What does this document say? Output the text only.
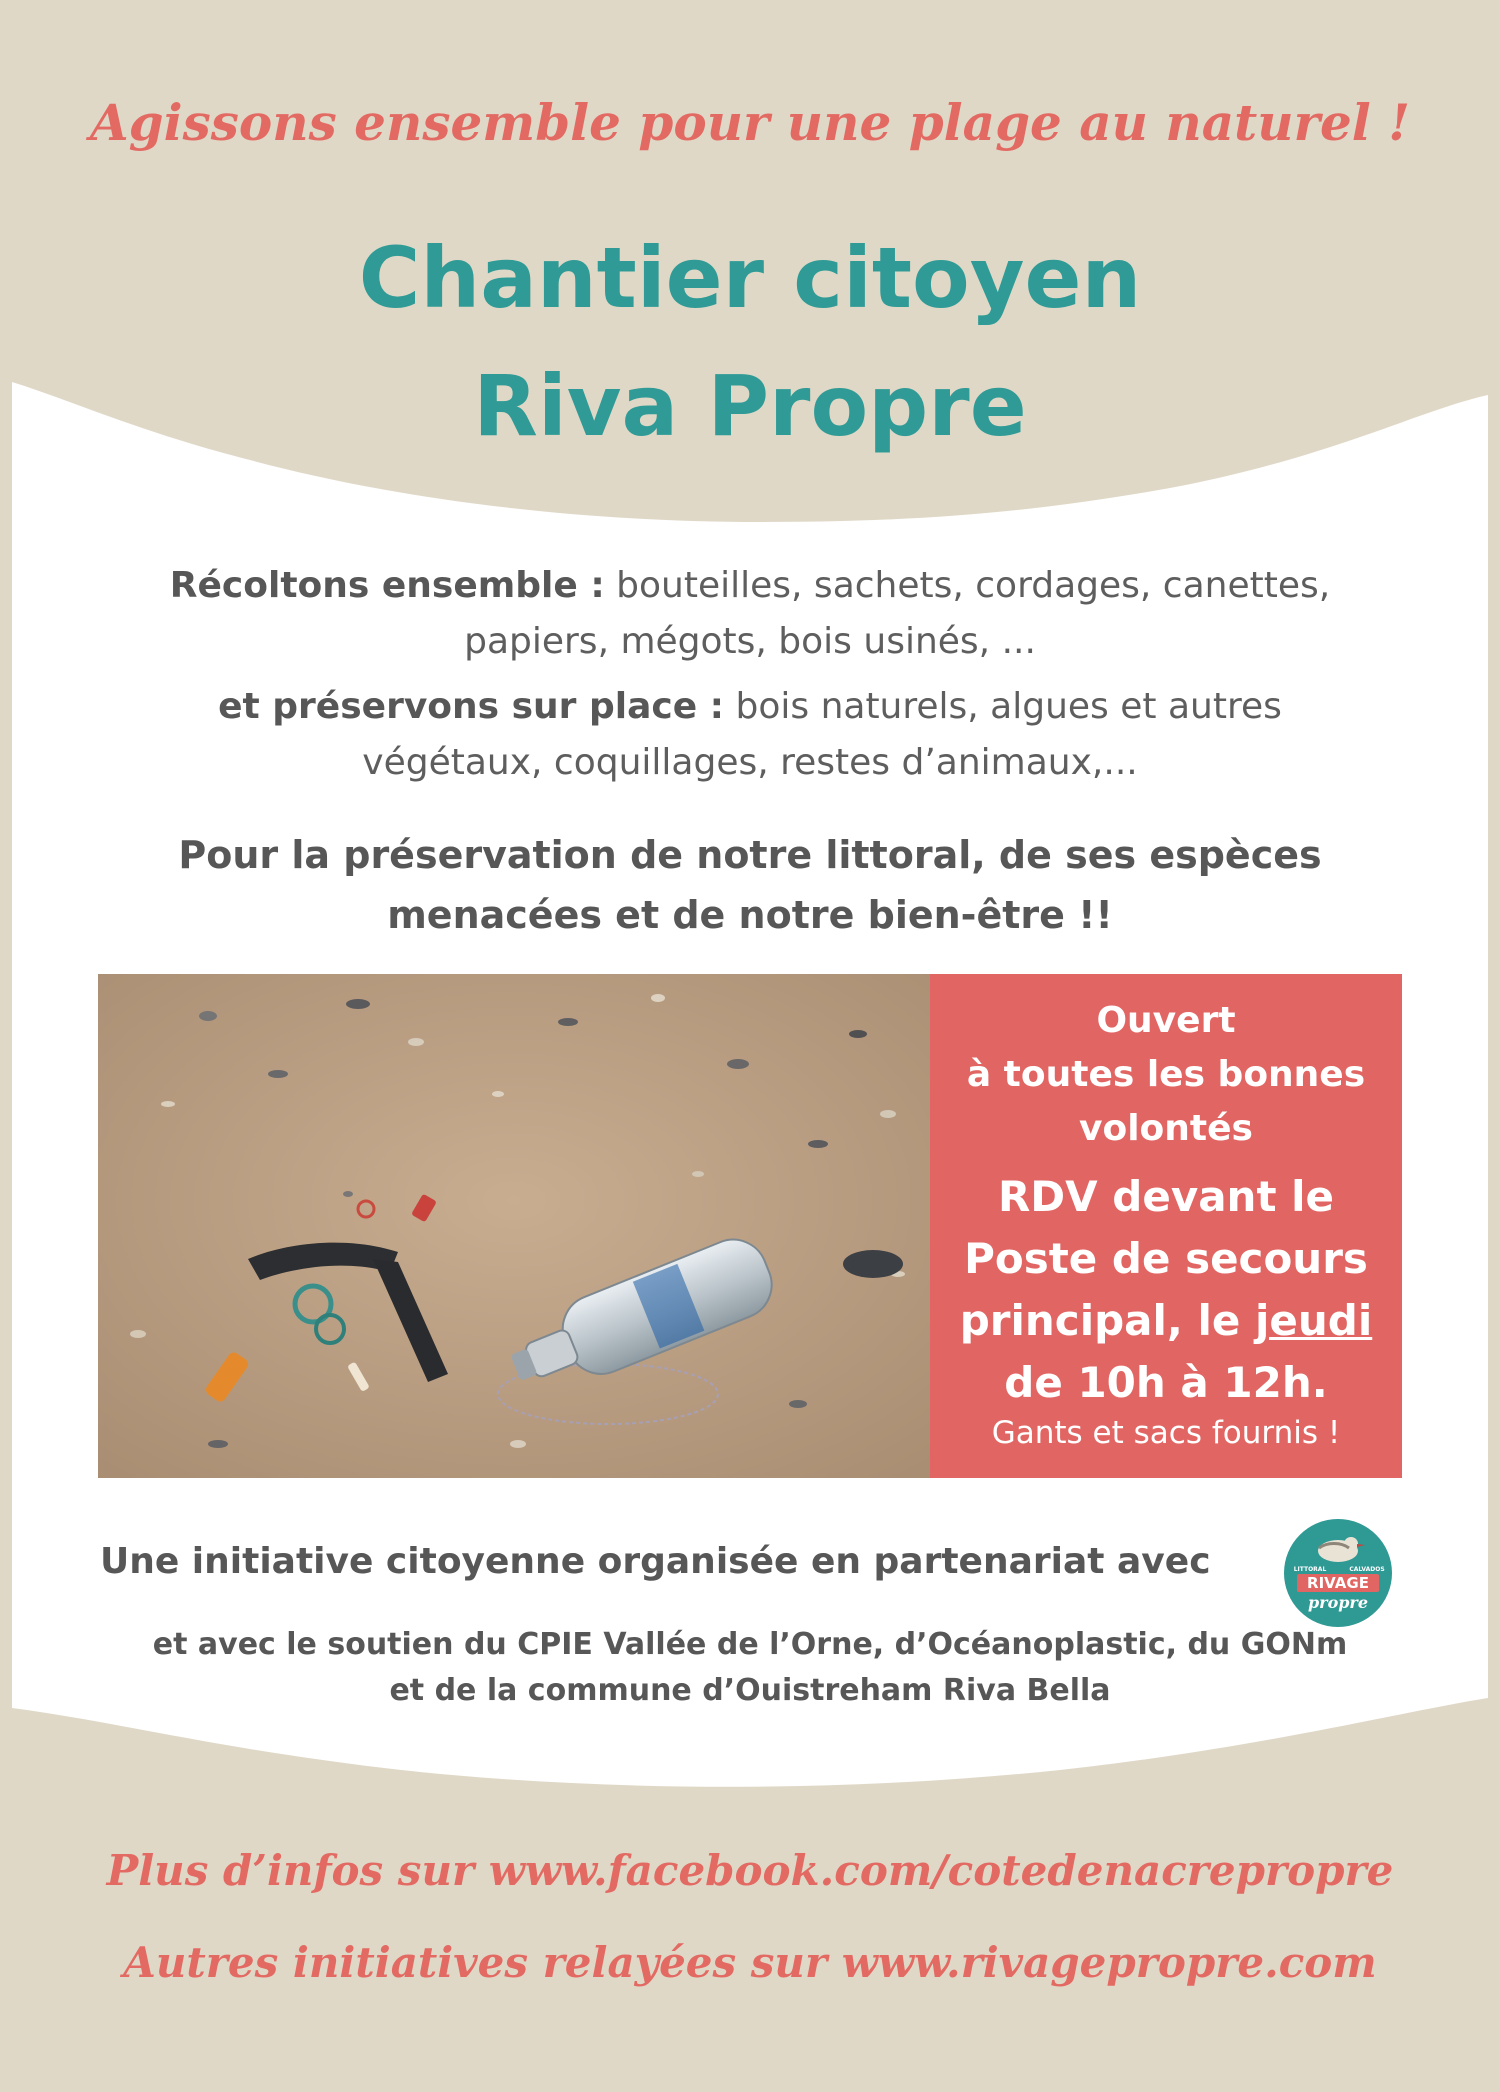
Agissons ensemble pour une plage au naturel !
Chantier citoyen
Riva Propre

Récoltons ensemble : bouteilles, sachets, cordages, canettes,
papiers, mégots, bois usinés, ...

et préservons sur place : bois naturels, algues et autres
végétaux, coquillages, restes d’animaux,...

Pour la préservation de notre littoral, de ses espèces
menacées et de notre bien-être !!

Ouvert
à toutes les bonnes
volontés

RDV devant le
Poste de secours
principal, le jeudi
de 10h à 12h.

Gants et sacs fournis !

Une initiative citoyenne organisée en partenariat avec	LITTORAL	CALVADOS
RIVAGE
propre

et avec le soutien du CPIE Vallée de l’Orne, d’Océanoplastic, du GONm
et de la commune d’Ouistreham Riva Bella

Plus d’infos sur www.facebook.com/cotedenacrepropre

Autres initiatives relayées sur www.rivagepropre.com
